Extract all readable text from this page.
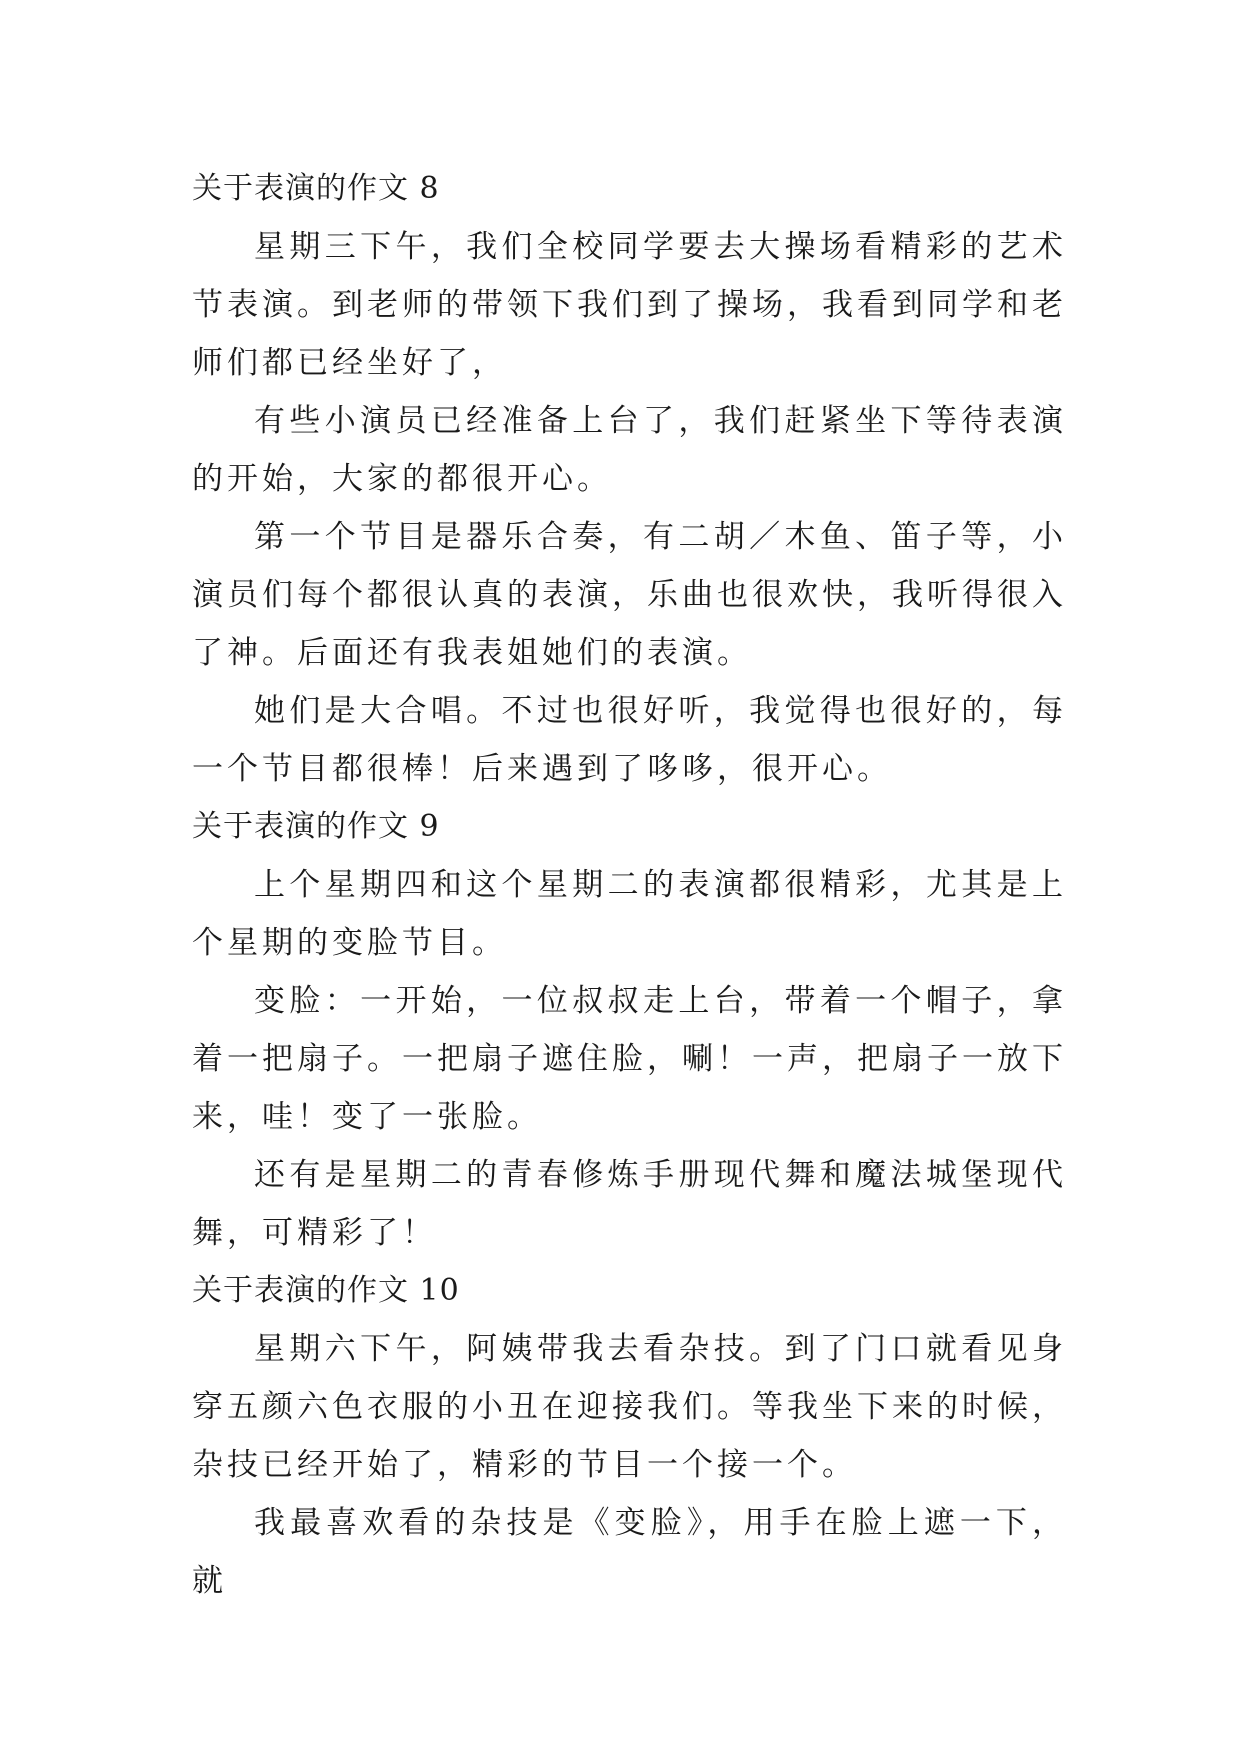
关于表演的作文 8

星期三下午，我们全校同学要去大操场看精彩的艺术节表演。到老师的带领下我们到了操场，我看到同学和老师们都已经坐好了，

有些小演员已经准备上台了，我们赶紧坐下等待表演的开始，大家的都很开心。

第一个节目是器乐合奏，有二胡／木鱼、笛子等，小演员们每个都很认真的表演，乐曲也很欢快，我听得很入了神。后面还有我表姐她们的表演。

她们是大合唱。不过也很好听，我觉得也很好的，每一个节目都很棒！后来遇到了哆哆，很开心。

关于表演的作文 9

上个星期四和这个星期二的表演都很精彩，尤其是上个星期的变脸节目。

变脸：一开始，一位叔叔走上台，带着一个帽子，拿着一把扇子。一把扇子遮住脸，唰！一声，把扇子一放下来，哇！变了一张脸。

还有是星期二的青春修炼手册现代舞和魔法城堡现代舞，可精彩了！

关于表演的作文 10

星期六下午，阿姨带我去看杂技。到了门口就看见身穿五颜六色衣服的小丑在迎接我们。等我坐下来的时候，杂技已经开始了，精彩的节目一个接一个。

我最喜欢看的杂技是《变脸》，用手在脸上遮一下，就
